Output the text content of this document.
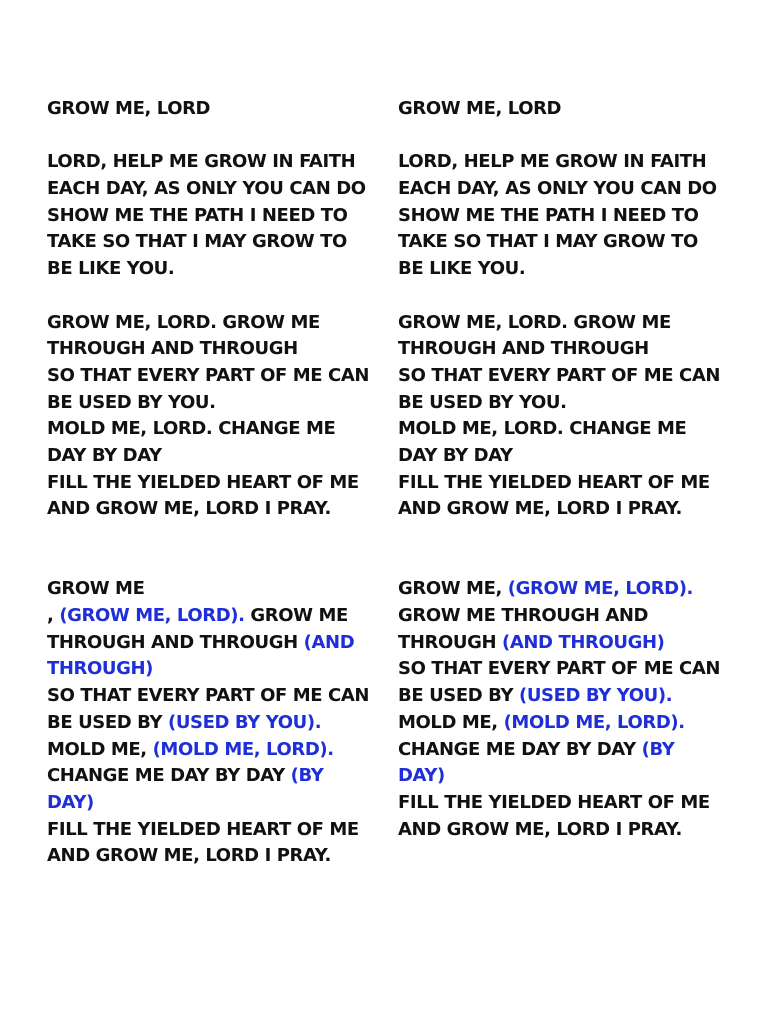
GROW ME, LORD
LORD, HELP ME GROW IN FAITH
EACH DAY, AS ONLY YOU CAN DO
SHOW ME THE PATH I NEED TO
TAKE SO THAT I MAY GROW TO
BE LIKE YOU.
GROW ME, LORD. GROW ME
THROUGH AND THROUGH
SO THAT EVERY PART OF ME CAN
BE USED BY YOU.
MOLD ME, LORD. CHANGE ME
DAY BY DAY
FILL THE YIELDED HEART OF ME
AND GROW ME, LORD I PRAY.
GROW ME
, (GROW ME, LORD). GROW ME
THROUGH AND THROUGH (AND
THROUGH)
SO THAT EVERY PART OF ME CAN
BE USED BY (USED BY YOU).
MOLD ME, (MOLD ME, LORD).
CHANGE ME DAY BY DAY (BY
DAY)
FILL THE YIELDED HEART OF ME
AND GROW ME, LORD I PRAY.
GROW ME, LORD
LORD, HELP ME GROW IN FAITH
EACH DAY, AS ONLY YOU CAN DO
SHOW ME THE PATH I NEED TO
TAKE SO THAT I MAY GROW TO
BE LIKE YOU.
GROW ME, LORD. GROW ME
THROUGH AND THROUGH
SO THAT EVERY PART OF ME CAN
BE USED BY YOU.
MOLD ME, LORD. CHANGE ME
DAY BY DAY
FILL THE YIELDED HEART OF ME
AND GROW ME, LORD I PRAY.
GROW ME, (GROW ME, LORD).
GROW ME THROUGH AND
THROUGH (AND THROUGH)
SO THAT EVERY PART OF ME CAN
BE USED BY (USED BY YOU).
MOLD ME, (MOLD ME, LORD).
CHANGE ME DAY BY DAY (BY
DAY)
FILL THE YIELDED HEART OF ME
AND GROW ME, LORD I PRAY.
